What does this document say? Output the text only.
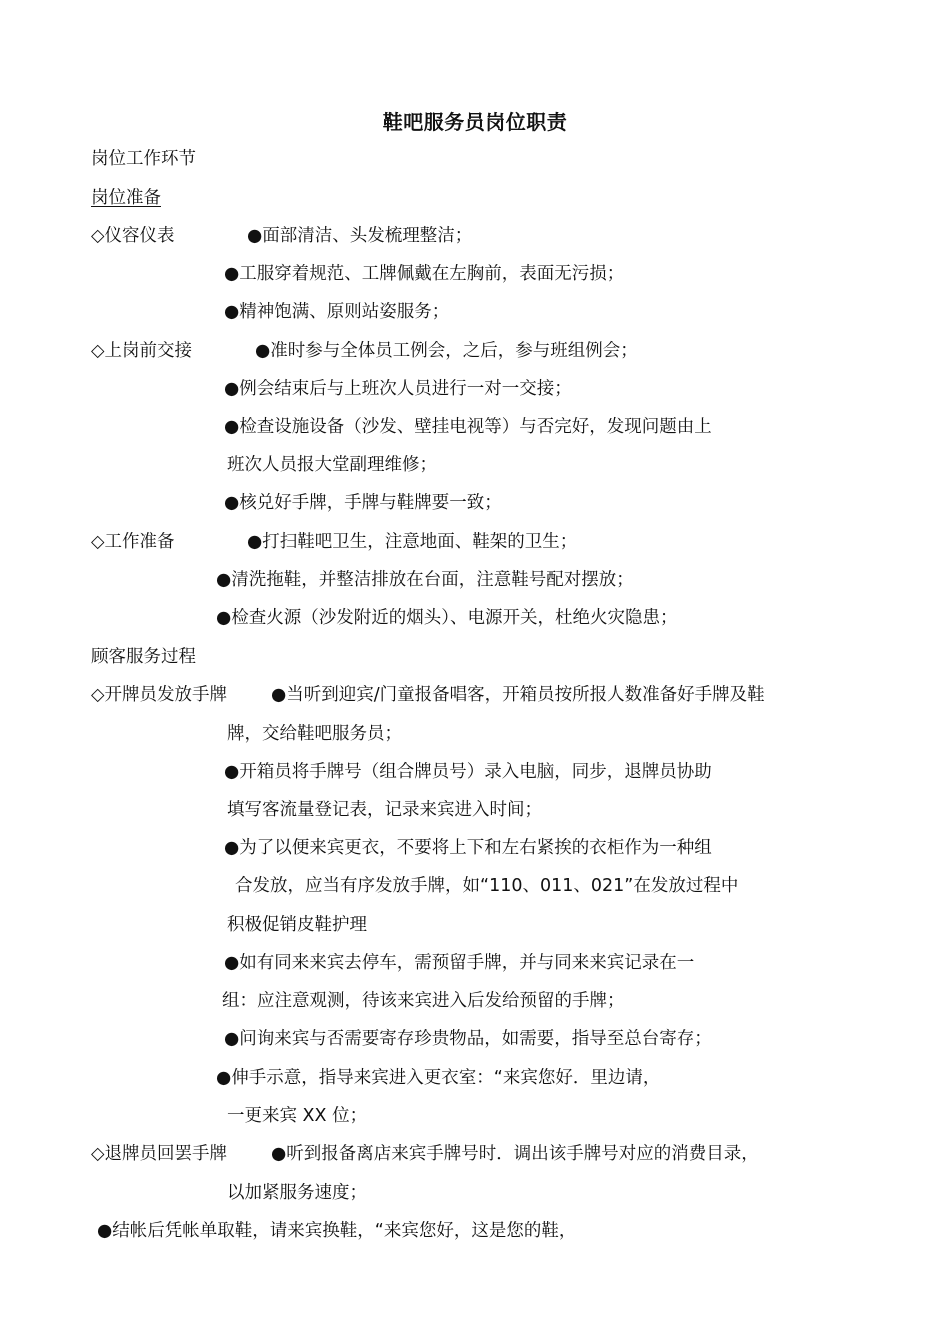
鞋吧服务员岗位职责
岗位工作环节
岗位准备
◇仪容仪表	●面部清洁、头发梳理整洁；
●工服穿着规范、工牌佩戴在左胸前，表面无污损；
●精神饱满、原则站姿服务；
◇上岗前交接	●准时参与全体员工例会，之后，参与班组例会；
●例会结束后与上班次人员进行一对一交接；
●检查设施设备（沙发、壁挂电视等）与否完好，发现问题由上
班次人员报大堂副理维修；
●核兑好手牌，手牌与鞋牌要一致；
◇工作准备	●打扫鞋吧卫生，注意地面、鞋架的卫生；
●清洗拖鞋，并整洁排放在台面，注意鞋号配对摆放；
●检查火源（沙发附近的烟头）、电源开关，杜绝火灾隐患；
顾客服务过程
◇开牌员发放手牌	●当听到迎宾/门童报备唱客，开箱员按所报人数准备好手牌及鞋
牌，交给鞋吧服务员；
●开箱员将手牌号（组合牌员号）录入电脑，同步，退牌员协助
填写客流量登记表，记录来宾进入时间；
●为了以便来宾更衣，不要将上下和左右紧挨的衣柜作为一种组
合发放，应当有序发放手牌，如“110、011、021”在发放过程中
积极促销皮鞋护理
●如有同来来宾去停车，需预留手牌，并与同来来宾记录在一
组：应注意观测，待该来宾进入后发给预留的手牌；
●问询来宾与否需要寄存珍贵物品，如需要，指导至总台寄存；
●伸手示意，指导来宾进入更衣室：“来宾您好．里边请，
一更来宾 XX 位；
◇退牌员回罢手牌	●听到报备离店来宾手牌号时．调出该手牌号对应的消费目录，
以加紧服务速度；
●结帐后凭帐单取鞋，请来宾换鞋，“来宾您好，这是您的鞋，
